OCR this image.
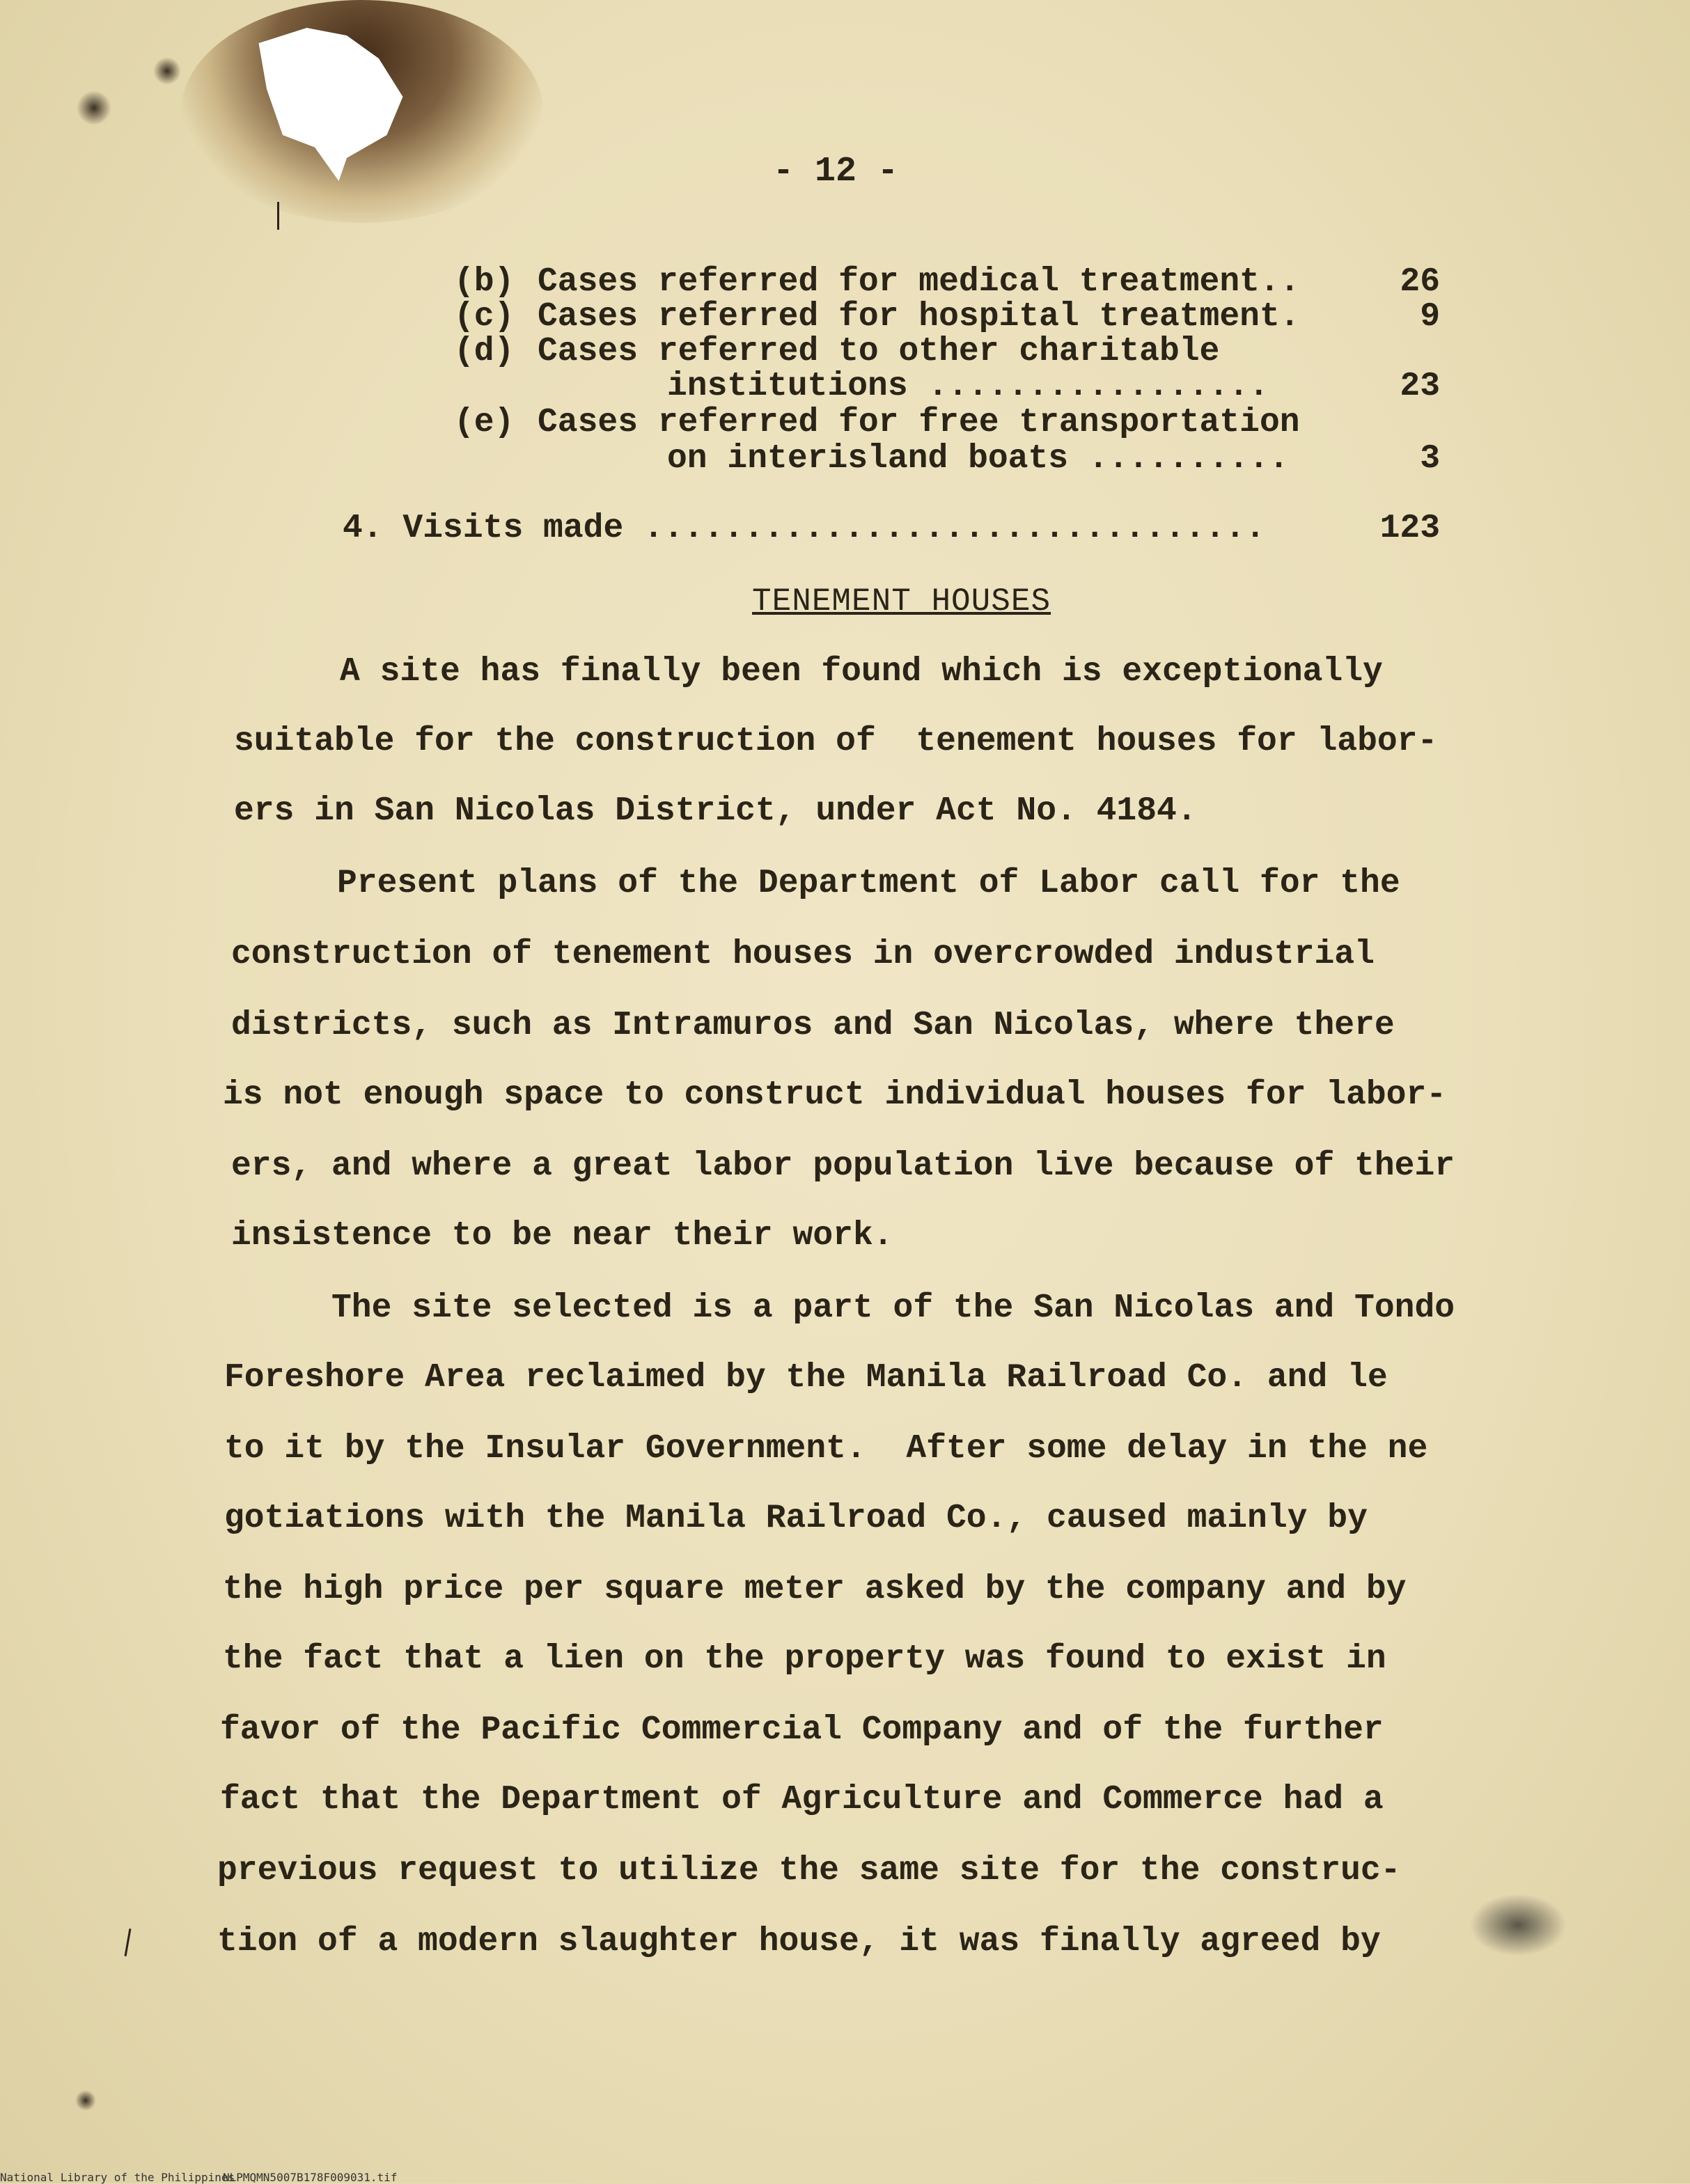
- 12 -
(b) Cases referred for medical treatment..	26
(c) Cases referred for hospital treatment.	9
(d) Cases referred to other charitable
institutions .................	23
(e) Cases referred for free transportation
on interisland boats ..........	3
4. Visits made ...............................	123
TENEMENT HOUSES
A site has finally been found which is exceptionally
suitable for the construction of  tenement houses for labor-
ers in San Nicolas District, under Act No. 4184.
Present plans of the Department of Labor call for the
construction of tenement houses in overcrowded industrial
districts, such as Intramuros and San Nicolas, where there
is not enough space to construct individual houses for labor-
ers, and where a great labor population live because of their
insistence to be near their work.
The site selected is a part of the San Nicolas and Tondo
Foreshore Area reclaimed by the Manila Railroad Co. and le
to it by the Insular Government.  After some delay in the ne
gotiations with the Manila Railroad Co., caused mainly by
the high price per square meter asked by the company and by
the fact that a lien on the property was found to exist in
favor of the Pacific Commercial Company and of the further
fact that the Department of Agriculture and Commerce had a
previous request to utilize the same site for the construc-
tion of a modern slaughter house, it was finally agreed by
National Library of the Philippines
NLPMQMN5007B178F009031.tif
